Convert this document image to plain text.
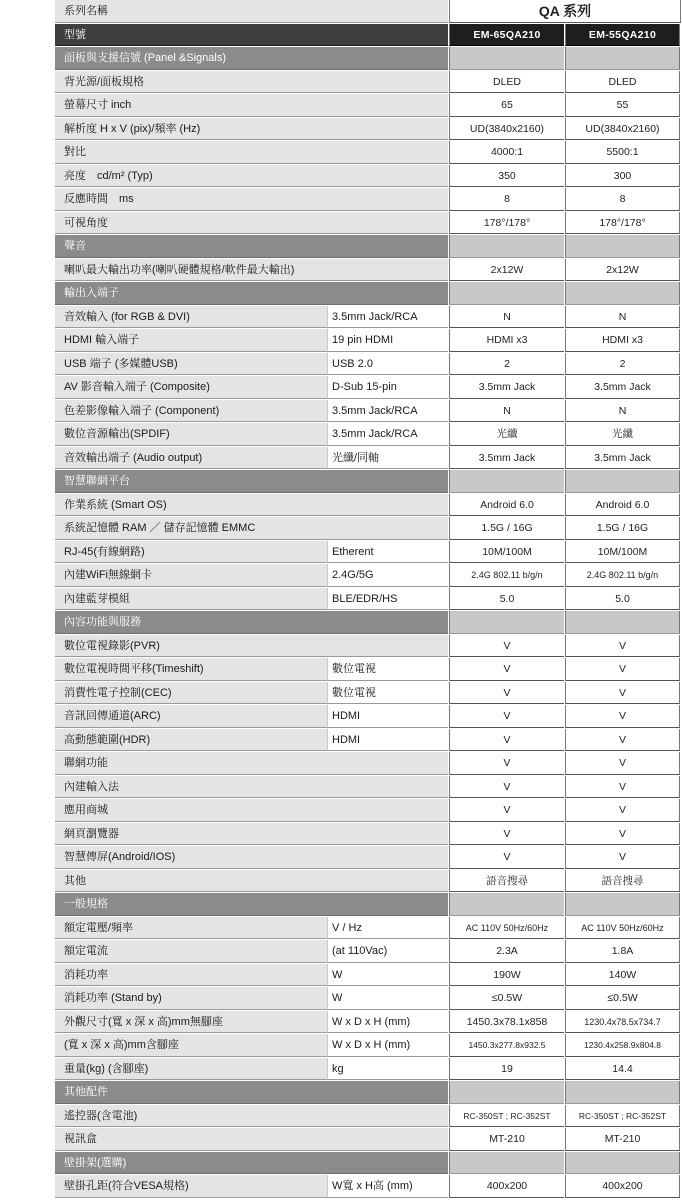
系列名稱	QA 系列
型號	EM-65QA210	EM-55QA210
面板與支援信號 (Panel &Signals)
背光源/面板規格	DLED	DLED
螢幕尺寸 inch	65	55
解析度 H x V (pix)/頻率 (Hz)	UD(3840x2160)	UD(3840x2160)
對比	4000:1	5500:1
亮度　cd/m² (Typ)	350	300
反應時間　ms	8	8
可視角度	178°/178°	178°/178°
聲音
喇叭最大輸出功率(喇叭硬體規格/軟件最大輸出)	2x12W	2x12W
輸出入端子
音效輸入 (for RGB & DVI)	3.5mm Jack/RCA	N	N
HDMI 輸入端子	19 pin HDMI	HDMI x3	HDMI x3
USB 端子 (多媒體USB)	USB 2.0	2	2
AV 影音輸入端子 (Composite)	D-Sub 15-pin	3.5mm Jack	3.5mm Jack
色差影像輸入端子 (Component)	3.5mm Jack/RCA	N	N
數位音源輸出(SPDIF)	3.5mm Jack/RCA	光纖	光纖
音效輸出端子 (Audio output)	光纖/同軸	3.5mm Jack	3.5mm Jack
智慧聯網平台
作業系統 (Smart OS)	Android 6.0	Android 6.0
系統記憶體 RAM ／ 儲存記憶體 EMMC	1.5G / 16G	1.5G / 16G
RJ-45(有線網路)	Etherent	10M/100M	10M/100M
內建WiFi無線網卡	2.4G/5G	2.4G 802.11 b/g/n	2.4G 802.11 b/g/n
內建藍芽模組	BLE/EDR/HS	5.0	5.0
內容功能與服務
數位電視錄影(PVR)	V	V
數位電視時間平移(Timeshift)	數位電視	V	V
消費性電子控制(CEC)	數位電視	V	V
音訊回傳通道(ARC)	HDMI	V	V
高動態範圍(HDR)	HDMI	V	V
聯網功能	V	V
內建輸入法	V	V
應用商城	V	V
網頁瀏覽器	V	V
智慧傳屏(Android/IOS)	V	V
其他	語音搜尋	語音搜尋
一般規格
額定電壓/頻率	V / Hz	AC 110V 50Hz/60Hz	AC 110V 50Hz/60Hz
額定電流	(at 110Vac)	2.3A	1.8A
消耗功率	W	190W	140W
消耗功率 (Stand by)	W	≤0.5W	≤0.5W
外觀尺寸(寬 x 深 x 高)mm無腳座	W x D x H (mm)	1450.3x78.1x858	1230.4x78.5x734.7
(寬 x 深 x 高)mm含腳座	W x D x H (mm)	1450.3x277.8x932.5	1230.4x258.9x804.8
重量(kg) (含腳座)	kg	19	14.4
其他配件
遙控器(含電池)	RC-350ST ; RC-352ST	RC-350ST ; RC-352ST
視訊盒	MT-210	MT-210
壁掛架(選購)
壁掛孔距(符合VESA規格)	W寬 x H高 (mm)	400x200	400x200
